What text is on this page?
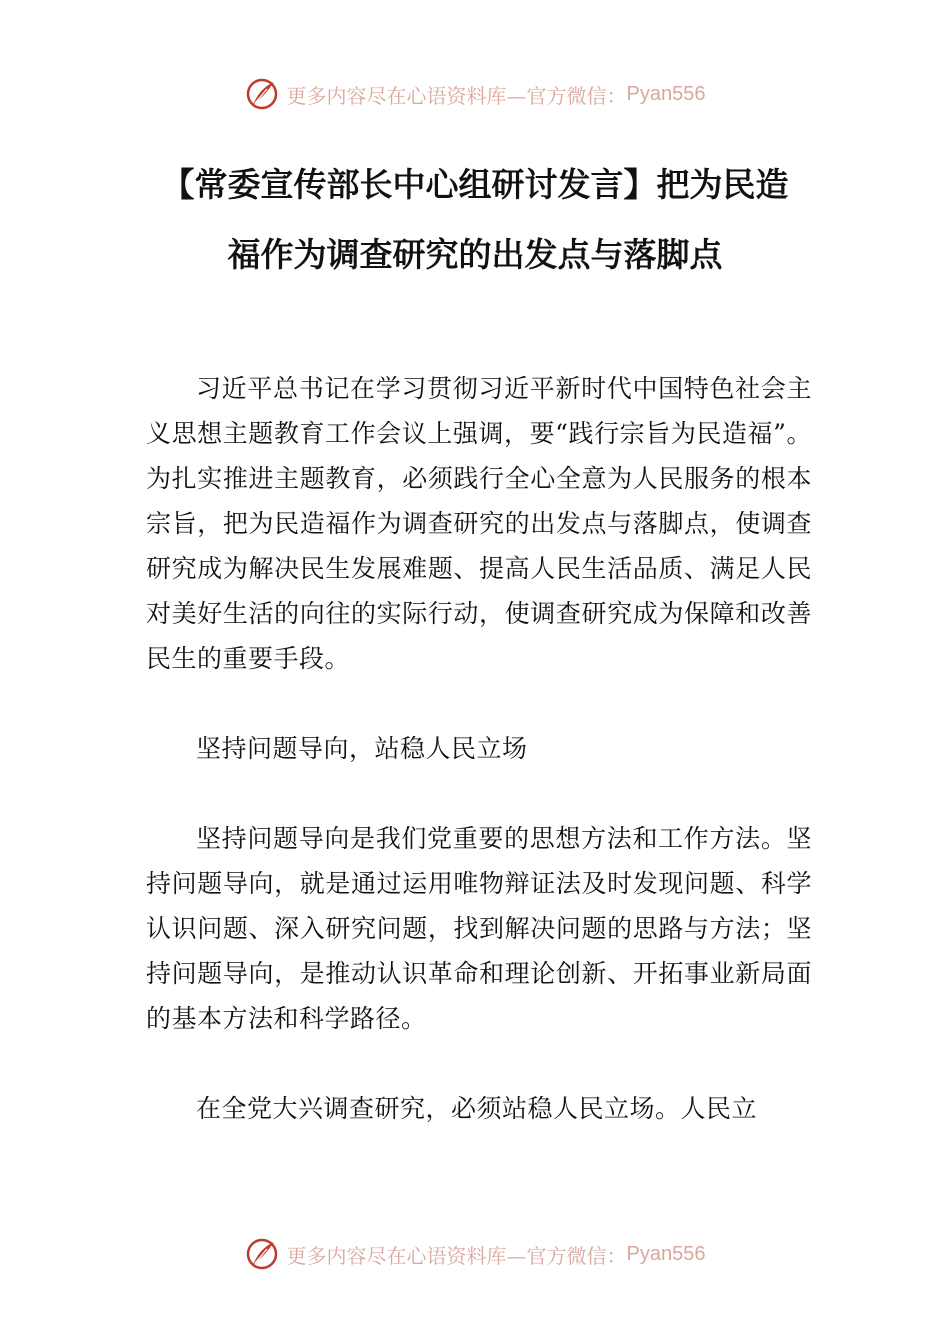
更多内容尽在心语资料库—官方微信： Pyan556
【常委宣传部长中心组研讨发言】把为民造
福作为调查研究的出发点与落脚点

习近平总书记在学习贯彻习近平新时代中国特色社会主义思想主题教育工作会议上强调，要“践行宗旨为民造福”。为扎实推进主题教育，必须践行全心全意为人民服务的根本宗旨，把为民造福作为调查研究的出发点与落脚点，使调查研究成为解决民生发展难题、提高人民生活品质、满足人民对美好生活的向往的实际行动，使调查研究成为保障和改善民生的重要手段。

坚持问题导向，站稳人民立场

坚持问题导向是我们党重要的思想方法和工作方法。坚持问题导向，就是通过运用唯物辩证法及时发现问题、科学认识问题、深入研究问题，找到解决问题的思路与方法；坚持问题导向，是推动认识革命和理论创新、开拓事业新局面的基本方法和科学路径。

在全党大兴调查研究，必须站稳人民立场。人民立

更多内容尽在心语资料库—官方微信： Pyan556
